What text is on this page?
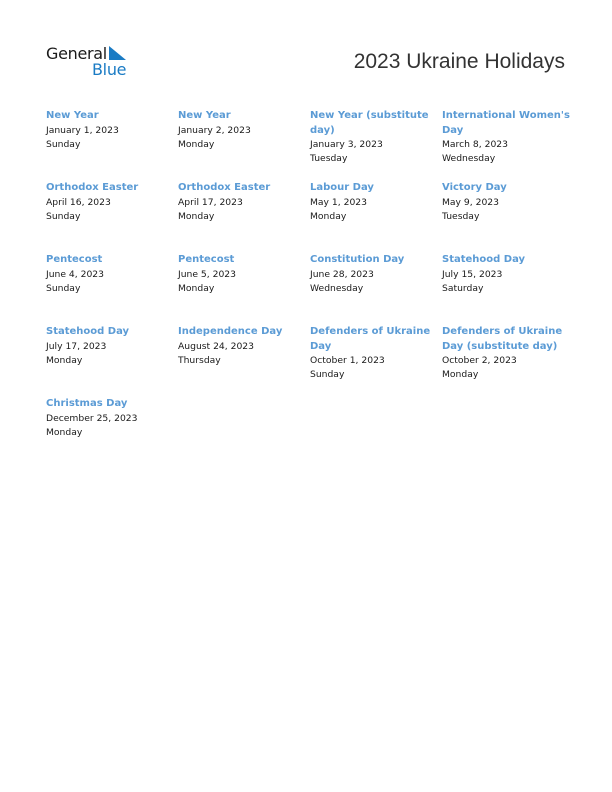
General
Blue	2023 Ukraine Holidays
New Year
January 1, 2023
Sunday
New Year
January 2, 2023
Monday
New Year (substitute day)
January 3, 2023
Tuesday
International Women's Day
March 8, 2023
Wednesday
Orthodox Easter
April 16, 2023
Sunday
Orthodox Easter
April 17, 2023
Monday
Labour Day
May 1, 2023
Monday
Victory Day
May 9, 2023
Tuesday
Pentecost
June 4, 2023
Sunday
Pentecost
June 5, 2023
Monday
Constitution Day
June 28, 2023
Wednesday
Statehood Day
July 15, 2023
Saturday
Statehood Day
July 17, 2023
Monday
Independence Day
August 24, 2023
Thursday
Defenders of Ukraine Day
October 1, 2023
Sunday
Defenders of Ukraine Day (substitute day)
October 2, 2023
Monday
Christmas Day
December 25, 2023
Monday
